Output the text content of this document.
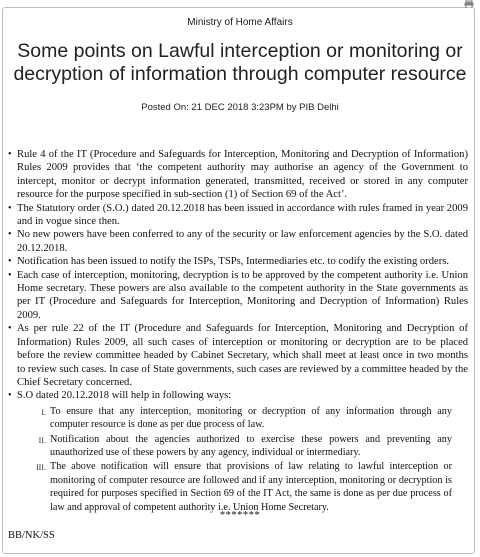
Ministry of Home Affairs
Some points on Lawful interception or monitoring or decryption of information through computer resource
Posted On: 21 DEC 2018 3:23PM by PIB Delhi
• Rule 4 of the IT (Procedure and Safeguards for Interception, Monitoring and Decryption of Information) Rules 2009 provides that ‘the competent authority may authorise an agency of the Government to intercept, monitor or decrypt information generated, transmitted, received or stored in any computer resource for the purpose specified in sub-section (1) of Section 69 of the Act’.
• The Statutory order (S.O.) dated 20.12.2018 has been issued in accordance with rules framed in year 2009 and in vogue since then.
• No new powers have been conferred to any of the security or law enforcement agencies by the S.O. dated 20.12.2018.
• Notification has been issued to notify the ISPs, TSPs, Intermediaries etc. to codify the existing orders.
• Each case of interception, monitoring, decryption is to be approved by the competent authority i.e. Union Home secretary. These powers are also available to the competent authority in the State governments as per IT (Procedure and Safeguards for Interception, Monitoring and Decryption of Information) Rules 2009.
• As per rule 22 of the IT (Procedure and Safeguards for Interception, Monitoring and Decryption of Information) Rules 2009, all such cases of interception or monitoring or decryption are to be placed before the review committee headed by Cabinet Secretary, which shall meet at least once in two months to review such cases. In case of State governments, such cases are reviewed by a committee headed by the Chief Secretary concerned.
• S.O dated 20.12.2018 will help in following ways:
I. To ensure that any interception, monitoring or decryption of any information through any computer resource is done as per due process of law.
II. Notification about the agencies authorized to exercise these powers and preventing any unauthorized use of these powers by any agency, individual or intermediary.
III. The above notification will ensure that provisions of law relating to lawful interception or monitoring of computer resource are followed and if any interception, monitoring or decryption is required for purposes specified in Section 69 of the IT Act, the same is done as per due process of law and approval of competent authority i.e. Union Home Secretary.
*******
BB/NK/SS
